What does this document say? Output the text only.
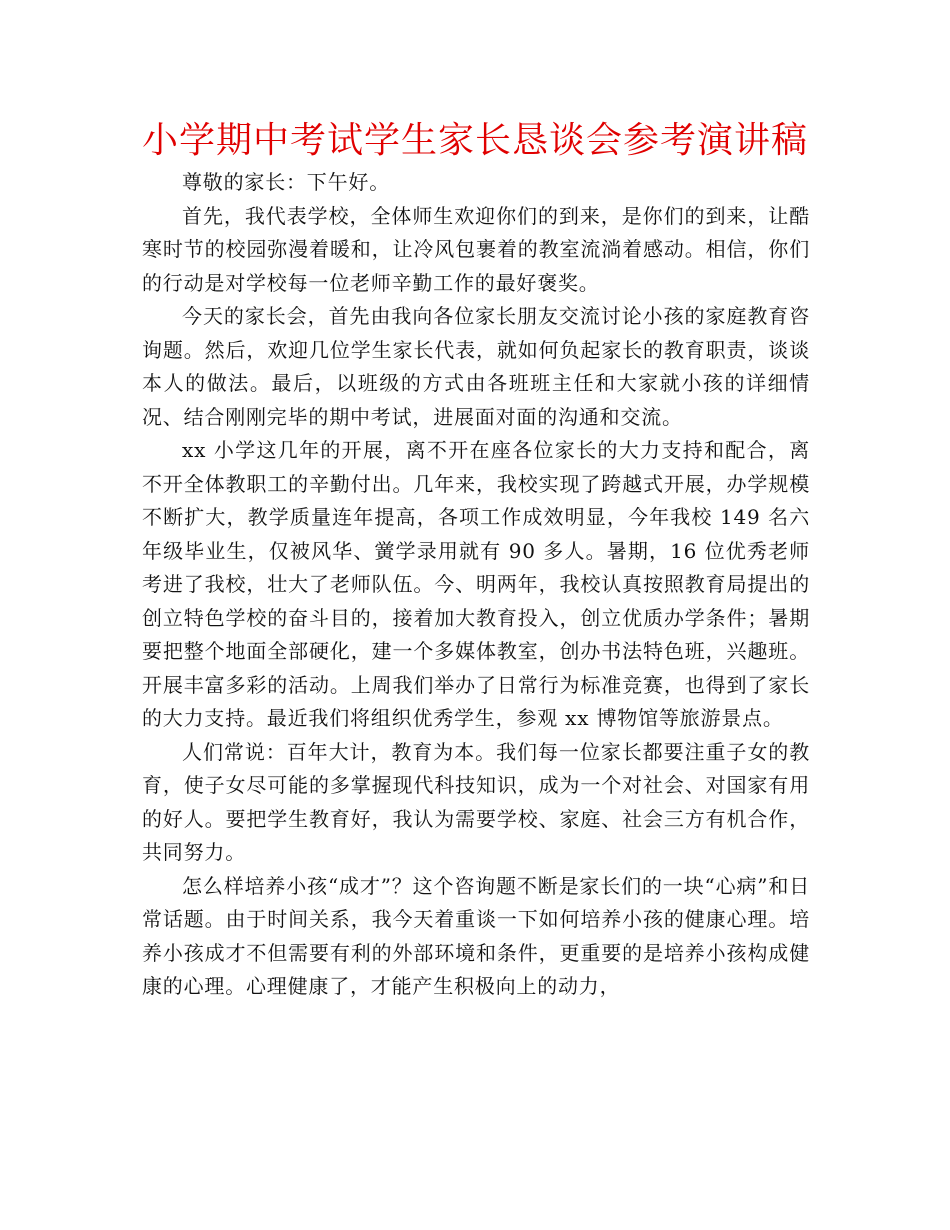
小学期中考试学生家长恳谈会参考演讲稿

尊敬的家长：下午好。

首先，我代表学校，全体师生欢迎你们的到来，是你们的到来，让酷寒时节的校园弥漫着暖和，让冷风包裹着的教室流淌着感动。相信，你们的行动是对学校每一位老师辛勤工作的最好褒奖。

今天的家长会，首先由我向各位家长朋友交流讨论小孩的家庭教育咨询题。然后，欢迎几位学生家长代表，就如何负起家长的教育职责，谈谈本人的做法。最后，以班级的方式由各班班主任和大家就小孩的详细情况、结合刚刚完毕的期中考试，进展面对面的沟通和交流。

xx 小学这几年的开展，离不开在座各位家长的大力支持和配合，离不开全体教职工的辛勤付出。几年来，我校实现了跨越式开展，办学规模不断扩大，教学质量连年提高，各项工作成效明显，今年我校 149 名六年级毕业生，仅被风华、黉学录用就有 90 多人。暑期，16 位优秀老师考进了我校，壮大了老师队伍。今、明两年，我校认真按照教育局提出的创立特色学校的奋斗目的，接着加大教育投入，创立优质办学条件；暑期要把整个地面全部硬化，建一个多媒体教室，创办书法特色班，兴趣班。开展丰富多彩的活动。上周我们举办了日常行为标准竞赛，也得到了家长的大力支持。最近我们将组织优秀学生，参观 xx 博物馆等旅游景点。

人们常说：百年大计，教育为本。我们每一位家长都要注重子女的教育，使子女尽可能的多掌握现代科技知识，成为一个对社会、对国家有用的好人。要把学生教育好，我认为需要学校、家庭、社会三方有机合作，共同努力。

怎么样培养小孩“成才”？这个咨询题不断是家长们的一块“心病”和日常话题。由于时间关系，我今天着重谈一下如何培养小孩的健康心理。培养小孩成才不但需要有利的外部环境和条件，更重要的是培养小孩构成健康的心理。心理健康了，才能产生积极向上的动力，
